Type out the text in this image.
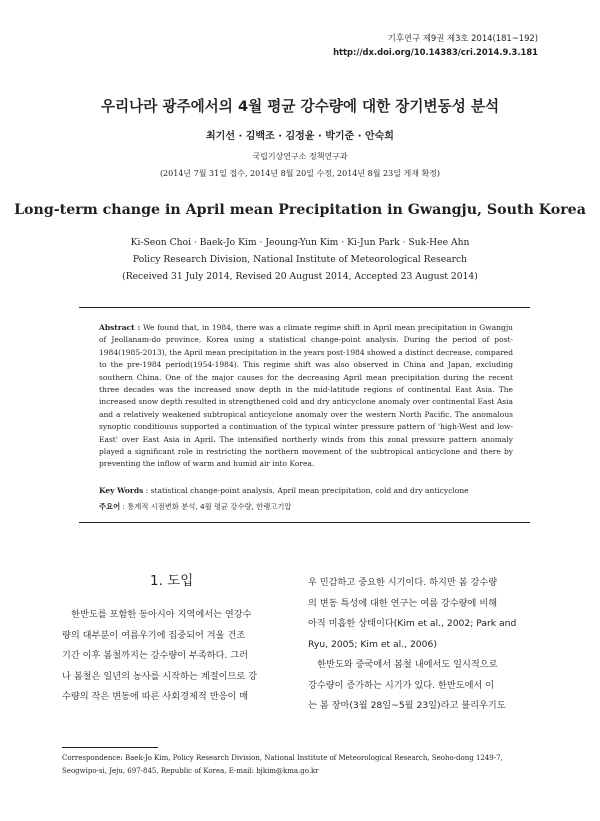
기후연구 제9권 제3호 2014(181~192)
http://dx.doi.org/10.14383/cri.2014.9.3.181
우리나라 광주에서의 4월 평균 강수량에 대한 장기변동성 분석
최기선 · 김백조 · 김정윤 · 박기준 · 안숙희
국립기상연구소 정책연구과
(2014년 7월 31일 접수, 2014년 8월 20일 수정, 2014년 8월 23일 게재 확정)
Long-term change in April mean Precipitation in Gwangju, South Korea
Ki-Seon Choi · Baek-Jo Kim · Jeoung-Yun Kim · Ki-Jun Park · Suk-Hee Ahn
Policy Research Division, National Institute of Meteorological Research
(Received 31 July 2014, Revised 20 August 2014, Accepted 23 August 2014)

Abstract : We found that, in 1984, there was a climate regime shift in April mean precipitation in Gwangju of Jeollanam-do province, Korea using a statistical change-point analysis. During the period of post-1984(1985-2013), the April mean precipitation in the years post-1984 showed a distinct decrease, compared to the pre-1984 period(1954-1984). This regime shift was also observed in China and Japan, excluding southern China. One of the major causes for the decreasing April mean precipitation during the recent three decades was the increased snow depth in the mid-latitude regions of continental East Asia. The increased snow depth resulted in strengthened cold and dry anticyclone anomaly over continental East Asia and a relatively weakened subtropical anticyclone anomaly over the western North Pacific. The anomalous synoptic conditiouus supported a continuation of the typical winter pressure pattern of 'high-West and low-East' over East Asia in April. The intensified northerly winds from this zonal pressure pattern anomaly played a significant role in restricting the northern movement of the subtropical anticyclone and there by preventing the inflow of warm and humid air into Korea.

Key Words : statistical change-point analysis, April mean precipitation, cold and dry anticyclone
주요어 : 통계적 시점변화 분석, 4월 평균 강수량, 한랭고기압
1. 도입
　한반도를 포함한 동아시아 지역에서는 연강수
량의 대부분이 여름우기에 집중되어 겨울 건조
기간 이후 봄철까지는 강수량이 부족하다. 그러
나 봄철은 일년의 농사를 시작하는 계절이므로 강
수량의 작은 변동에 따른 사회경제적 반응이 매
우 민감하고 중요한 시기이다. 하지만 봄 강수량
의 변동 특성에 대한 연구는 여름 강수량에 비해
아직 미흡한 상태이다(Kim et al., 2002; Park and
Ryu, 2005; Kim et al., 2006)
　한반도와 중국에서 봄철 내에서도 일시적으로
강수량이 증가하는 시기가 있다. 한반도에서 이
는 봄 장마(3월 28일~5월 23일)라고 불리우기도
Correspondence: Baek-Jo Kim, Policy Research Division, National Institute of Meteorological Research, Seoho-dong 1249-7,
Seogwipo-si, Jeju, 697-845, Republic of Korea, E-mail: bjkim@kma.go.kr
